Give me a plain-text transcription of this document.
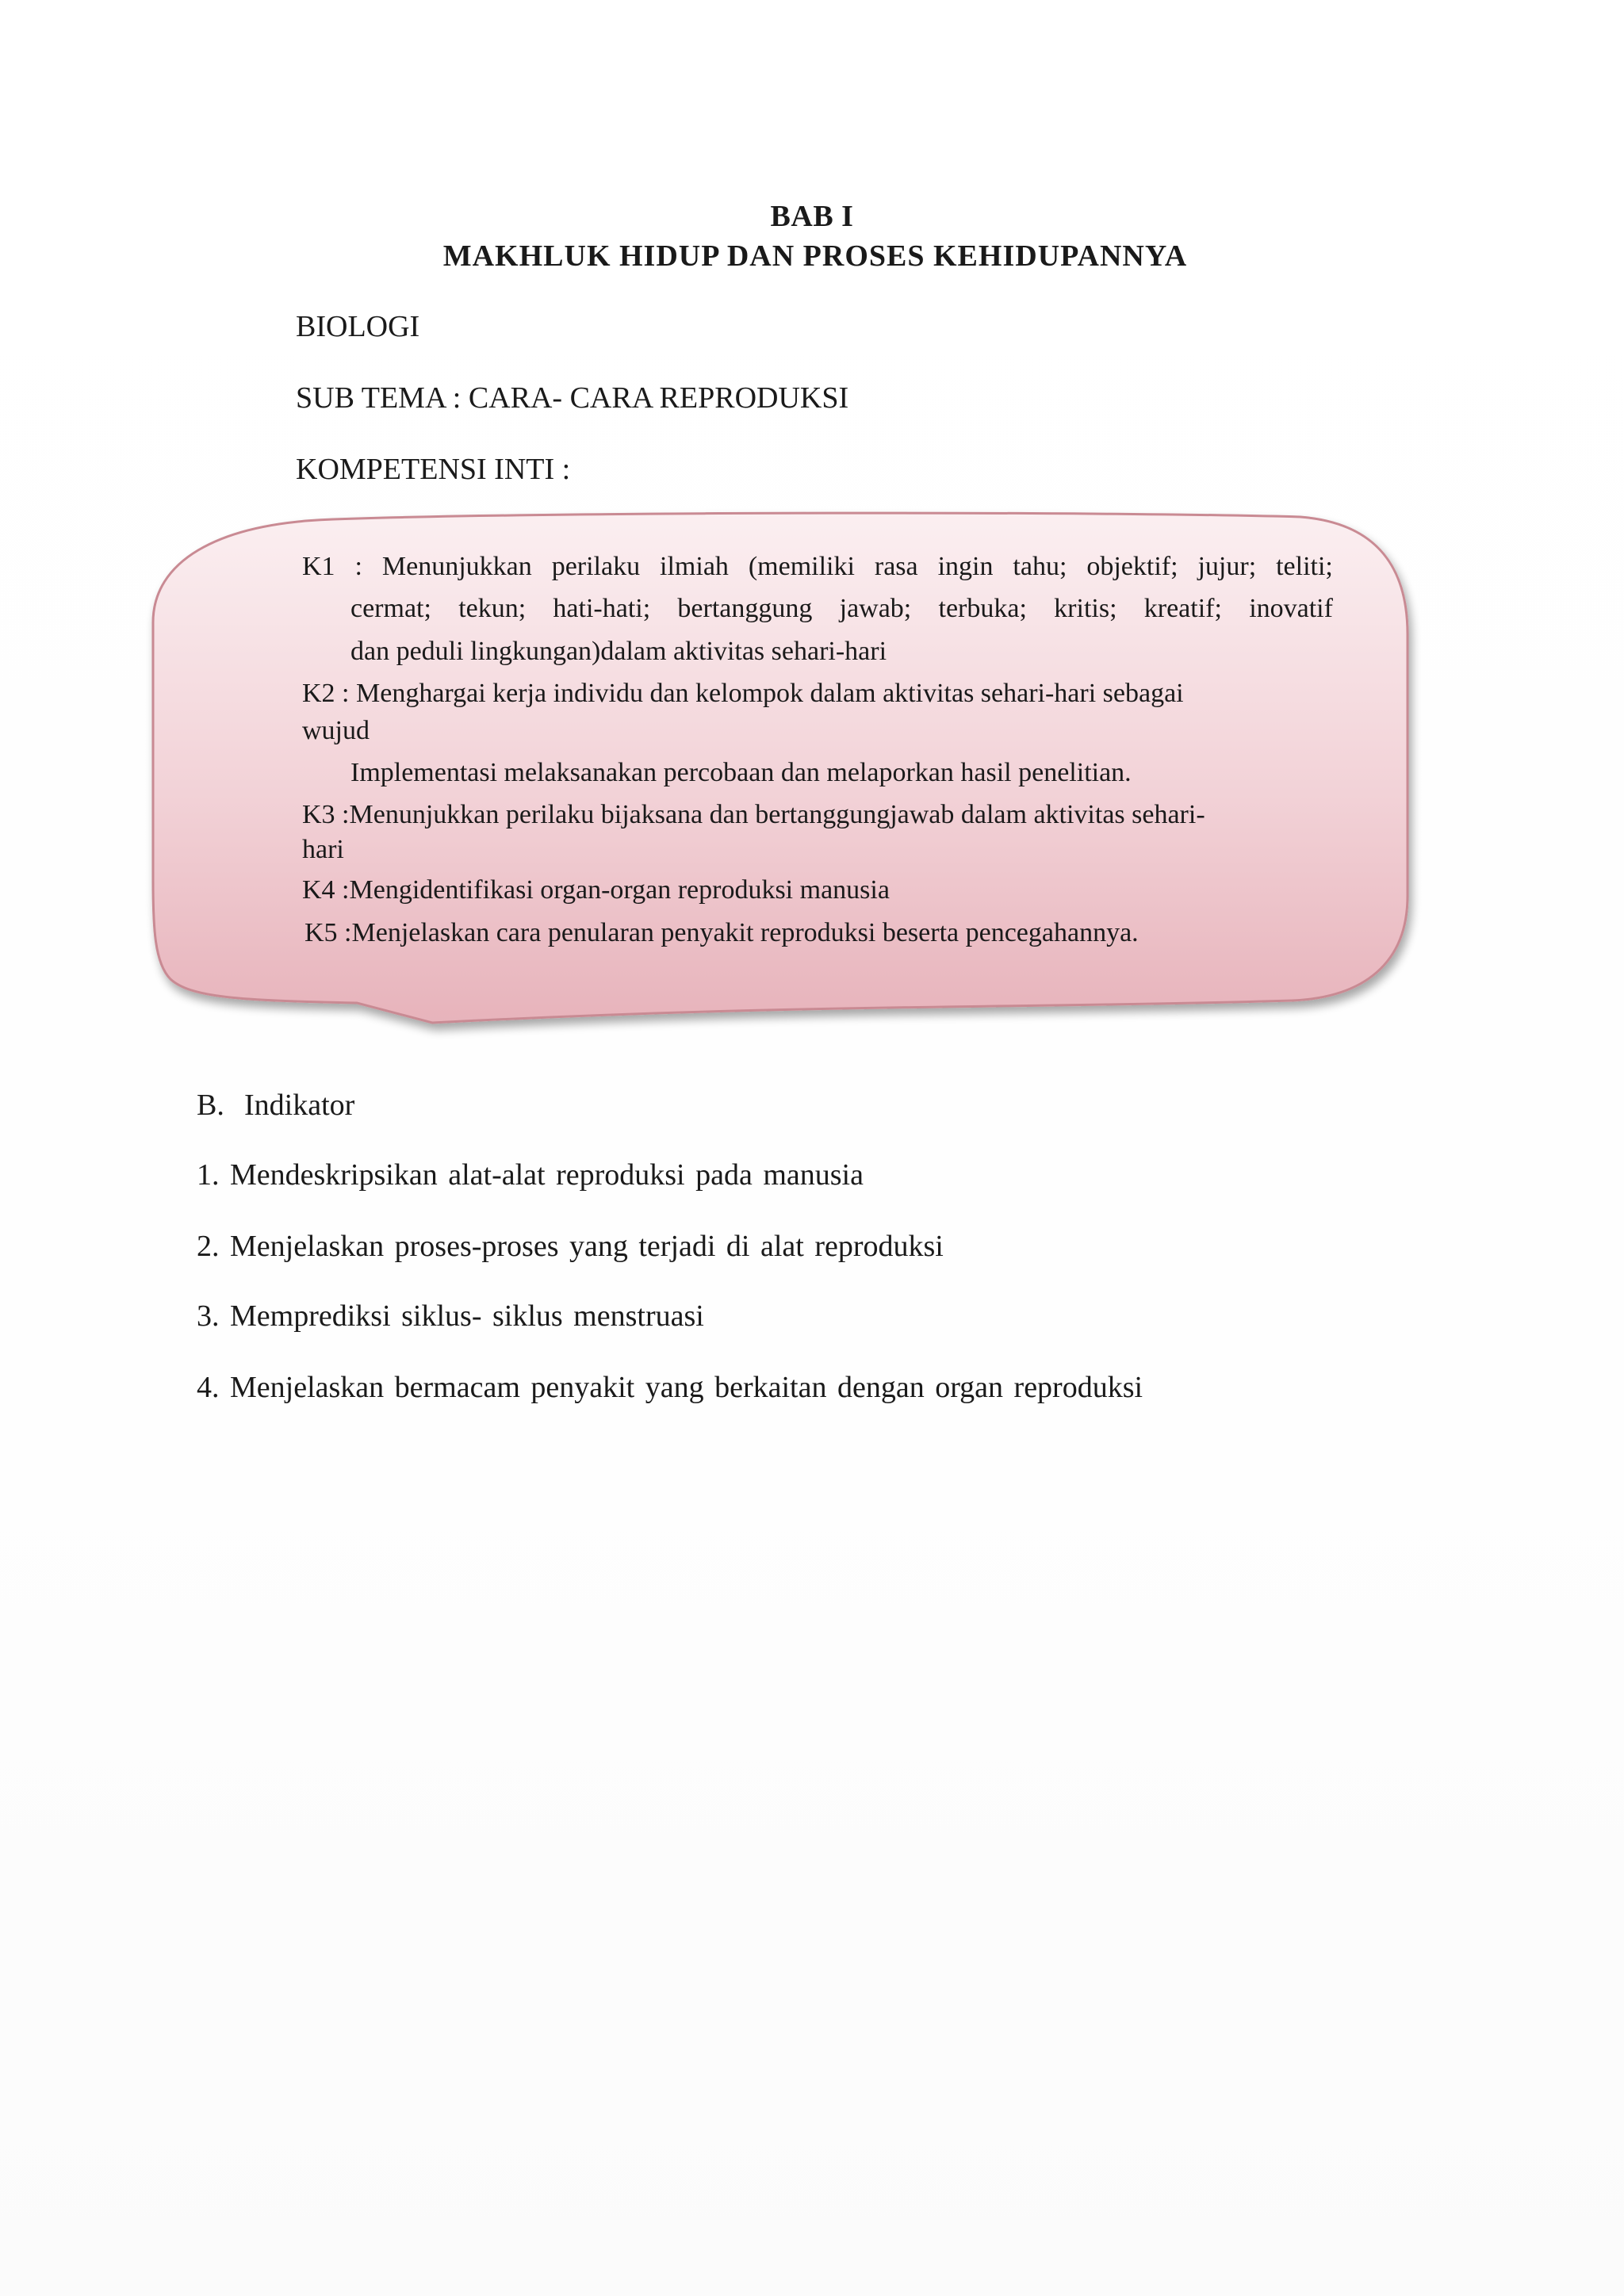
BAB I
MAKHLUK HIDUP DAN PROSES KEHIDUPANNYA
BIOLOGI
SUB TEMA : CARA- CARA REPRODUKSI
KOMPETENSI INTI :
K1 : Menunjukkan perilaku ilmiah (memiliki rasa ingin tahu; objektif; jujur; teliti;
cermat; tekun; hati-hati; bertanggung jawab; terbuka; kritis; kreatif; inovatif
dan peduli lingkungan)dalam aktivitas sehari-hari
K2 : Menghargai kerja individu dan kelompok dalam aktivitas sehari-hari sebagai
wujud
Implementasi melaksanakan percobaan dan melaporkan hasil penelitian.
K3 :Menunjukkan perilaku bijaksana dan bertanggungjawab dalam aktivitas sehari-
hari
K4 :Mengidentifikasi organ-organ reproduksi manusia
K5 :Menjelaskan cara penularan penyakit reproduksi beserta pencegahannya.
B. Indikator
1. Mendeskripsikan alat-alat reproduksi pada manusia
2. Menjelaskan proses-proses yang terjadi di alat reproduksi
3. Memprediksi siklus- siklus menstruasi
4. Menjelaskan bermacam penyakit yang berkaitan dengan organ reproduksi
